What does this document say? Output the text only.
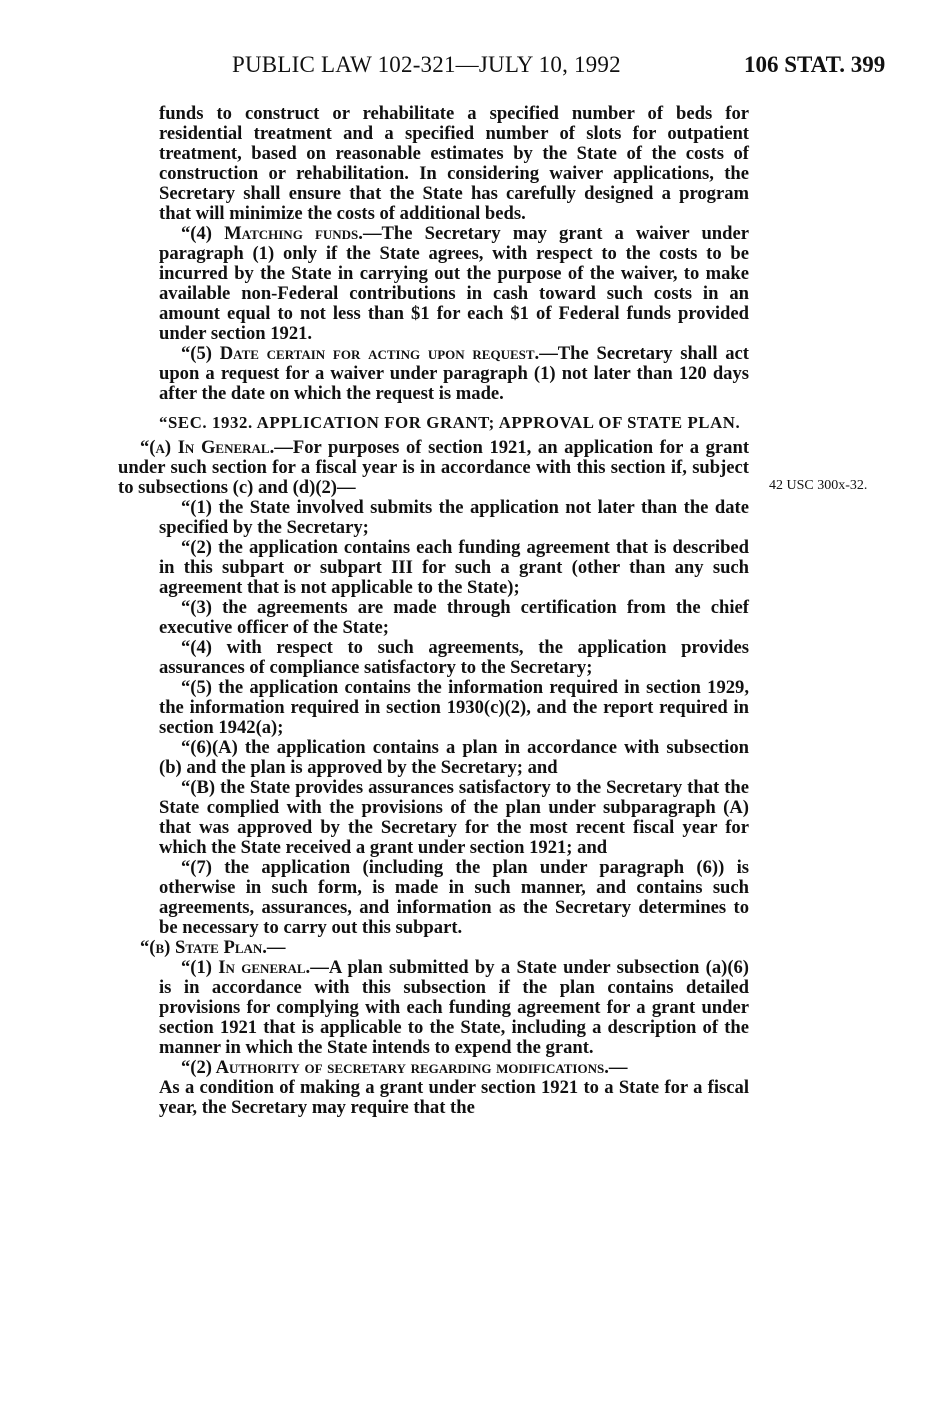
PUBLIC LAW 102-321—JULY 10, 1992	106 STAT. 399
42 USC 300x-32.

funds to construct or rehabilitate a specified number of beds for residential treatment and a specified number of slots for outpatient treatment, based on reasonable estimates by the State of the costs of construction or rehabilitation. In considering waiver applications, the Secretary shall ensure that the State has carefully designed a program that will minimize the costs of additional beds.

“(4) Matching funds.—The Secretary may grant a waiver under paragraph (1) only if the State agrees, with respect to the costs to be incurred by the State in carrying out the purpose of the waiver, to make available non-Federal contributions in cash toward such costs in an amount equal to not less than $1 for each $1 of Federal funds provided under section 1921.

“(5) Date certain for acting upon request.—The Secretary shall act upon a request for a waiver under paragraph (1) not later than 120 days after the date on which the request is made.

“SEC. 1932. APPLICATION FOR GRANT; APPROVAL OF STATE PLAN.

“(a) In General.—For purposes of section 1921, an application for a grant under such section for a fiscal year is in accordance with this section if, subject to subsections (c) and (d)(2)—

“(1) the State involved submits the application not later than the date specified by the Secretary;

“(2) the application contains each funding agreement that is described in this subpart or subpart III for such a grant (other than any such agreement that is not applicable to the State);

“(3) the agreements are made through certification from the chief executive officer of the State;

“(4) with respect to such agreements, the application provides assurances of compliance satisfactory to the Secretary;

“(5) the application contains the information required in section 1929, the information required in section 1930(c)(2), and the report required in section 1942(a);

“(6)(A) the application contains a plan in accordance with subsection (b) and the plan is approved by the Secretary; and

“(B) the State provides assurances satisfactory to the Secretary that the State complied with the provisions of the plan under subparagraph (A) that was approved by the Secretary for the most recent fiscal year for which the State received a grant under section 1921; and

“(7) the application (including the plan under paragraph (6)) is otherwise in such form, is made in such manner, and contains such agreements, assurances, and information as the Secretary determines to be necessary to carry out this subpart.

“(b) State Plan.—

“(1) In general.—A plan submitted by a State under subsection (a)(6) is in accordance with this subsection if the plan contains detailed provisions for complying with each funding agreement for a grant under section 1921 that is applicable to the State, including a description of the manner in which the State intends to expend the grant.

“(2) Authority of secretary regarding modifications.—

As a condition of making a grant under section 1921 to a State for a fiscal year, the Secretary may require that the
